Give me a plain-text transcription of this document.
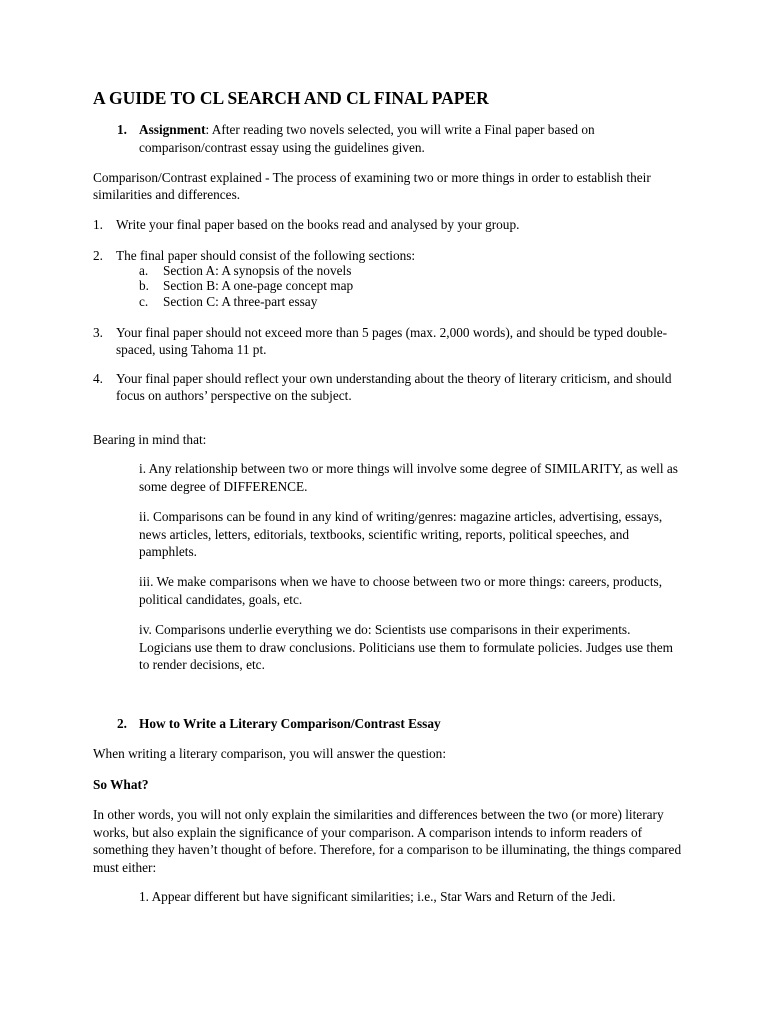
A GUIDE TO CL SEARCH AND CL FINAL PAPER
1. Assignment: After reading two novels selected, you will write a Final paper based on comparison/contrast essay using the guidelines given.

Comparison/Contrast explained - The process of examining two or more things in order to establish their similarities and differences.

1. Write your final paper based on the books read and analysed by your group.
2. The final paper should consist of the following sections:
a. Section A: A synopsis of the novels
b. Section B: A one-page concept map
c. Section C: A three-part essay
3. Your final paper should not exceed more than 5 pages (max. 2,000 words), and should be typed double-spaced, using Tahoma 11 pt.
4. Your final paper should reflect your own understanding about the theory of literary criticism, and should focus on authors’ perspective on the subject.

Bearing in mind that:

i. Any relationship between two or more things will involve some degree of SIMILARITY, as well as some degree of DIFFERENCE.

ii. Comparisons can be found in any kind of writing/genres: magazine articles, advertising, essays, news articles, letters, editorials, textbooks, scientific writing, reports, political speeches, and pamphlets.

iii. We make comparisons when we have to choose between two or more things: careers, products, political candidates, goals, etc.

iv. Comparisons underlie everything we do: Scientists use comparisons in their experiments. Logicians use them to draw conclusions. Politicians use them to formulate policies. Judges use them to render decisions, etc.

2. How to Write a Literary Comparison/Contrast Essay

When writing a literary comparison, you will answer the question:

So What?

In other words, you will not only explain the similarities and differences between the two (or more) literary works, but also explain the significance of your comparison. A comparison intends to inform readers of something they haven’t thought of before. Therefore, for a comparison to be illuminating, the things compared must either:

1. Appear different but have significant similarities; i.e., Star Wars and Return of the Jedi.
